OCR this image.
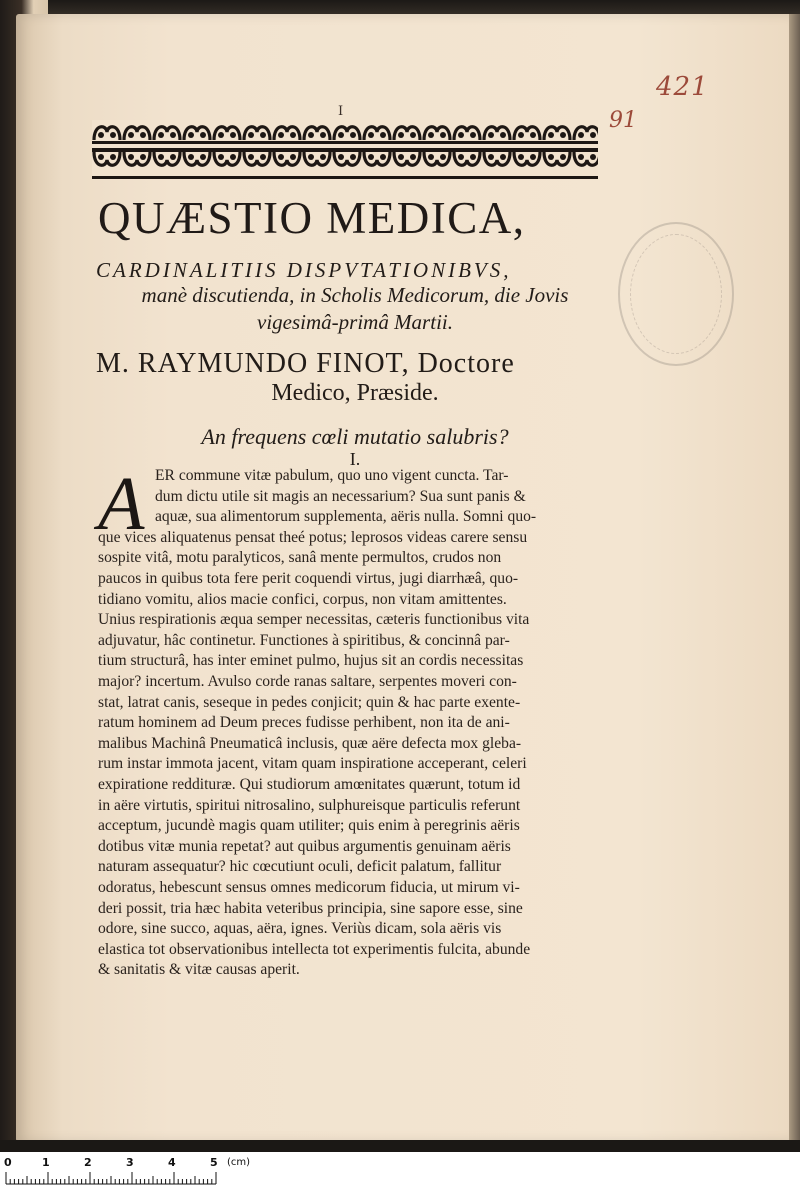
I
421
91
QUÆSTIO MEDICA,
CARDINALITIIS DISPVTATIONIBVS,
manè discutienda, in Scholis Medicorum, die Jovis
vigesimâ-primâ Martii.
M. RAYMUNDO FINOT, Doctore
Medico, Præside.
An frequens cœli mutatio salubris?
I.
A ER commune vitæ pabulum, quo uno vigent cuncta. Tar-
dum dictu utile sit magis an necessarium? Sua sunt panis &
aquæ, sua alimentorum supplementa, aëris nulla. Somni quo-
que vices aliquatenus pensat theé potus; leprosos videas carere sensu
sospite vitâ, motu paralyticos, sanâ mente permultos, crudos non
paucos in quibus tota fere perit coquendi virtus, jugi diarrhæâ, quo-
tidiano vomitu, alios macie confici, corpus, non vitam amittentes.
Unius respirationis æqua semper necessitas, cæteris functionibus vita
adjuvatur, hâc continetur. Functiones à spiritibus, & concinnâ par-
tium structurâ, has inter eminet pulmo, hujus sit an cordis necessitas
major? incertum. Avulso corde ranas saltare, serpentes moveri con-
stat, latrat canis, seseque in pedes conjicit; quin & hac parte exente-
ratum hominem ad Deum preces fudisse perhibent, non ita de ani-
malibus Machinâ Pneumaticâ inclusis, quæ aëre defecta mox gleba-
rum instar immota jacent, vitam quam inspiratione acceperant, celeri
expiratione reddituræ. Qui studiorum amœnitates quærunt, totum id
in aëre virtutis, spiritui nitrosalino, sulphureisque particulis referunt
acceptum, jucundè magis quam utiliter; quis enim à peregrinis aëris
dotibus vitæ munia repetat? aut quibus argumentis genuinam aëris
naturam assequatur? hic cœcutiunt oculi, deficit palatum, fallitur
odoratus, hebescunt sensus omnes medicorum fiducia, ut mirum vi-
deri possit, tria hæc habita veteribus principia, sine sapore esse, sine
odore, sine succo, aquas, aëra, ignes. Veriùs dicam, sola aëris vis
elastica tot observationibus intellecta tot experimentis fulcita, abunde
& sanitatis & vitæ causas aperit.
0	1	2	3	4	5 (cm)
